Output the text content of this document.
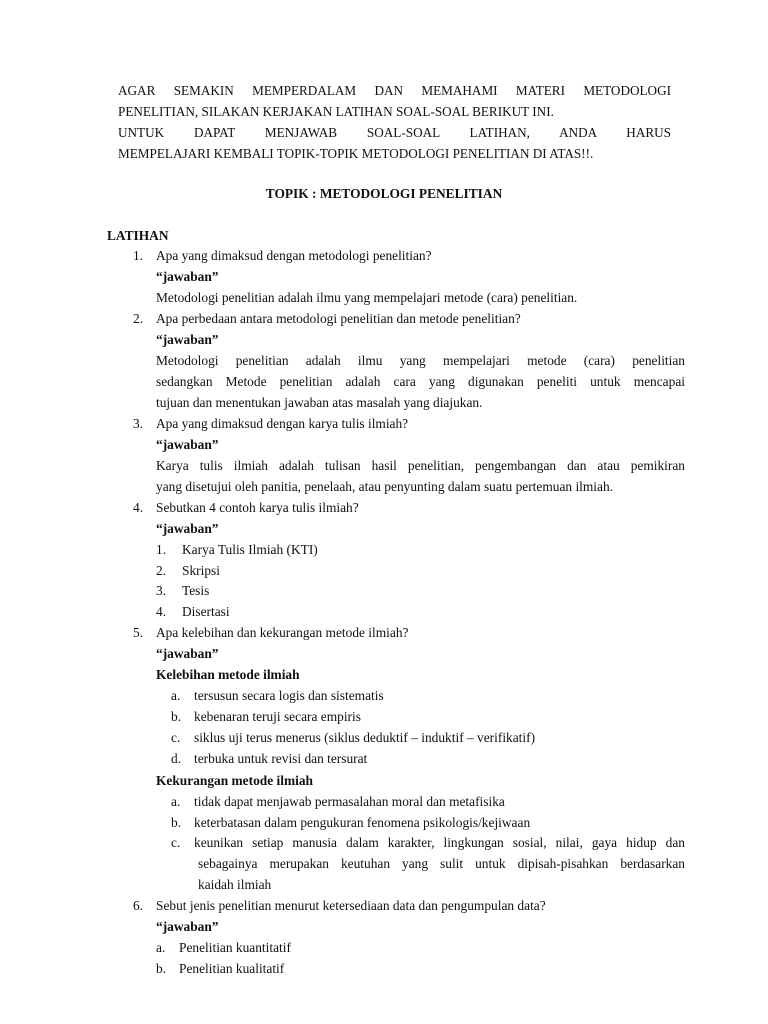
AGAR SEMAKIN MEMPERDALAM DAN MEMAHAMI MATERI METODOLOGI

PENELITIAN, SILAKAN KERJAKAN LATIHAN SOAL-SOAL BERIKUT INI.

UNTUK DAPAT MENJAWAB SOAL-SOAL LATIHAN, ANDA HARUS

MEMPELAJARI KEMBALI TOPIK-TOPIK METODOLOGI PENELITIAN DI ATAS!!.

TOPIK : METODOLOGI PENELITIAN
LATIHAN
1. Apa yang dimaksud dengan metodologi penelitian?
“jawaban”
Metodologi penelitian adalah ilmu yang mempelajari metode (cara) penelitian.
2. Apa perbedaan antara metodologi penelitian dan metode penelitian?
“jawaban”
Metodologi penelitian adalah ilmu yang mempelajari metode (cara) penelitian
sedangkan Metode penelitian adalah cara yang digunakan peneliti untuk mencapai
tujuan dan menentukan jawaban atas masalah yang diajukan.
3. Apa yang dimaksud dengan karya tulis ilmiah?
“jawaban”
Karya tulis ilmiah adalah tulisan hasil penelitian, pengembangan dan atau pemikiran
yang disetujui oleh panitia, penelaah, atau penyunting dalam suatu pertemuan ilmiah.
4. Sebutkan 4 contoh karya tulis ilmiah?
“jawaban”
1. Karya Tulis Ilmiah (KTI)
2. Skripsi
3. Tesis
4. Disertasi
5. Apa kelebihan dan kekurangan metode ilmiah?
“jawaban”
Kelebihan metode ilmiah
a. tersusun secara logis dan sistematis
b. kebenaran teruji secara empiris
c. siklus uji terus menerus (siklus deduktif – induktif – verifikatif)
d. terbuka untuk revisi dan tersurat
Kekurangan metode ilmiah
a. tidak dapat menjawab permasalahan moral dan metafisika
b. keterbatasan dalam pengukuran fenomena psikologis/kejiwaan
c. keunikan setiap manusia dalam karakter, lingkungan sosial, nilai, gaya hidup dan
sebagainya merupakan keutuhan yang sulit untuk dipisah-pisahkan berdasarkan
kaidah ilmiah
6. Sebut jenis penelitian menurut ketersediaan data dan pengumpulan data?
“jawaban”
a. Penelitian kuantitatif
b. Penelitian kualitatif
